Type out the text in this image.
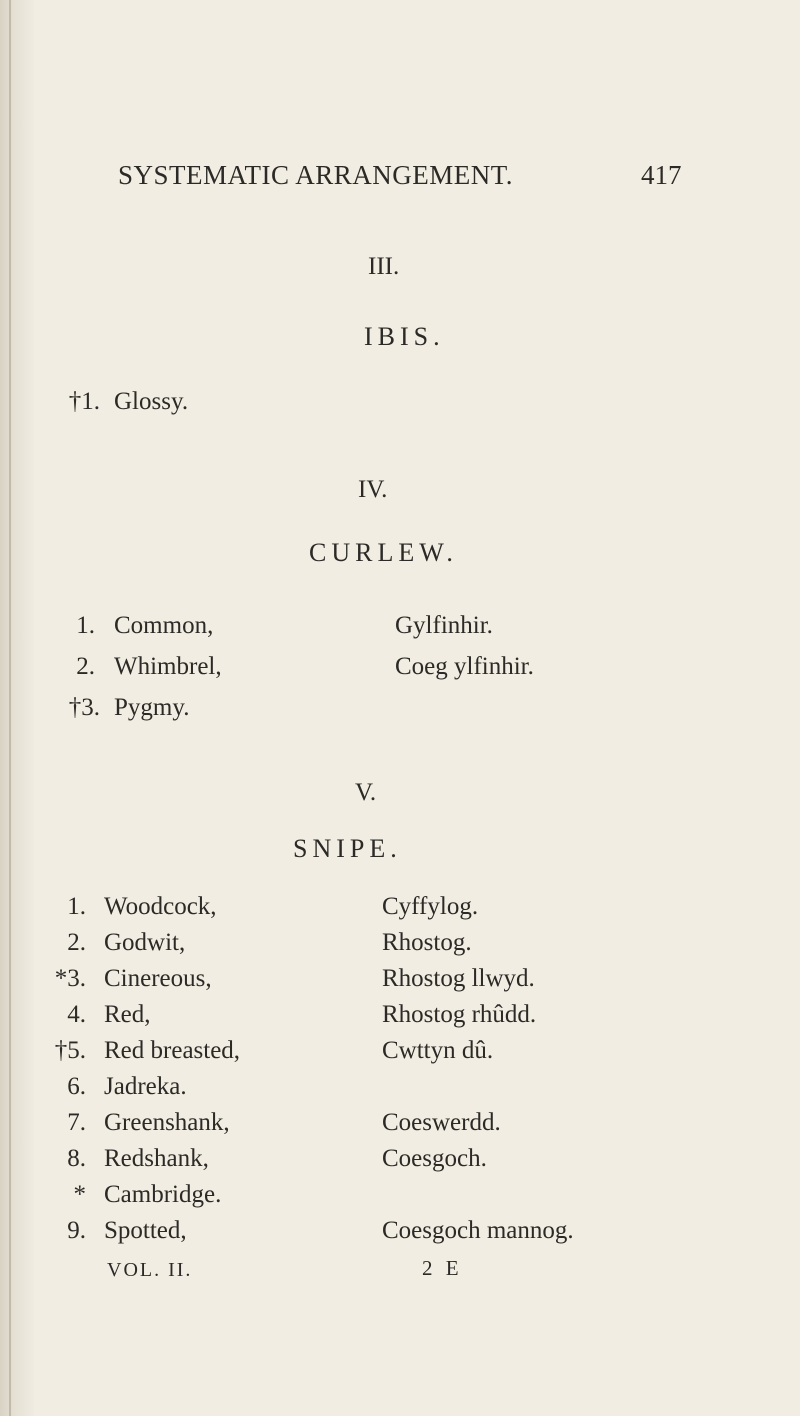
SYSTEMATIC ARRANGEMENT.	417
III.
IBIS.
†1. Glossy.
IV.
CURLEW.
1. Common,	Gylfinhir.
2. Whimbrel,	Coeg ylfinhir.
†3. Pygmy.
V.
SNIPE.
1. Woodcock,	Cyffylog.
2. Godwit,	Rhostog.
*3. Cinereous,	Rhostog llwyd.
4. Red,	Rhostog rhûdd.
†5. Red breasted,	Cwttyn dû.
6. Jadreka.
7. Greenshank,	Coeswerdd.
8. Redshank,	Coesgoch.
* Cambridge.
9. Spotted,	Coesgoch mannog.
VOL. II.	2 E
